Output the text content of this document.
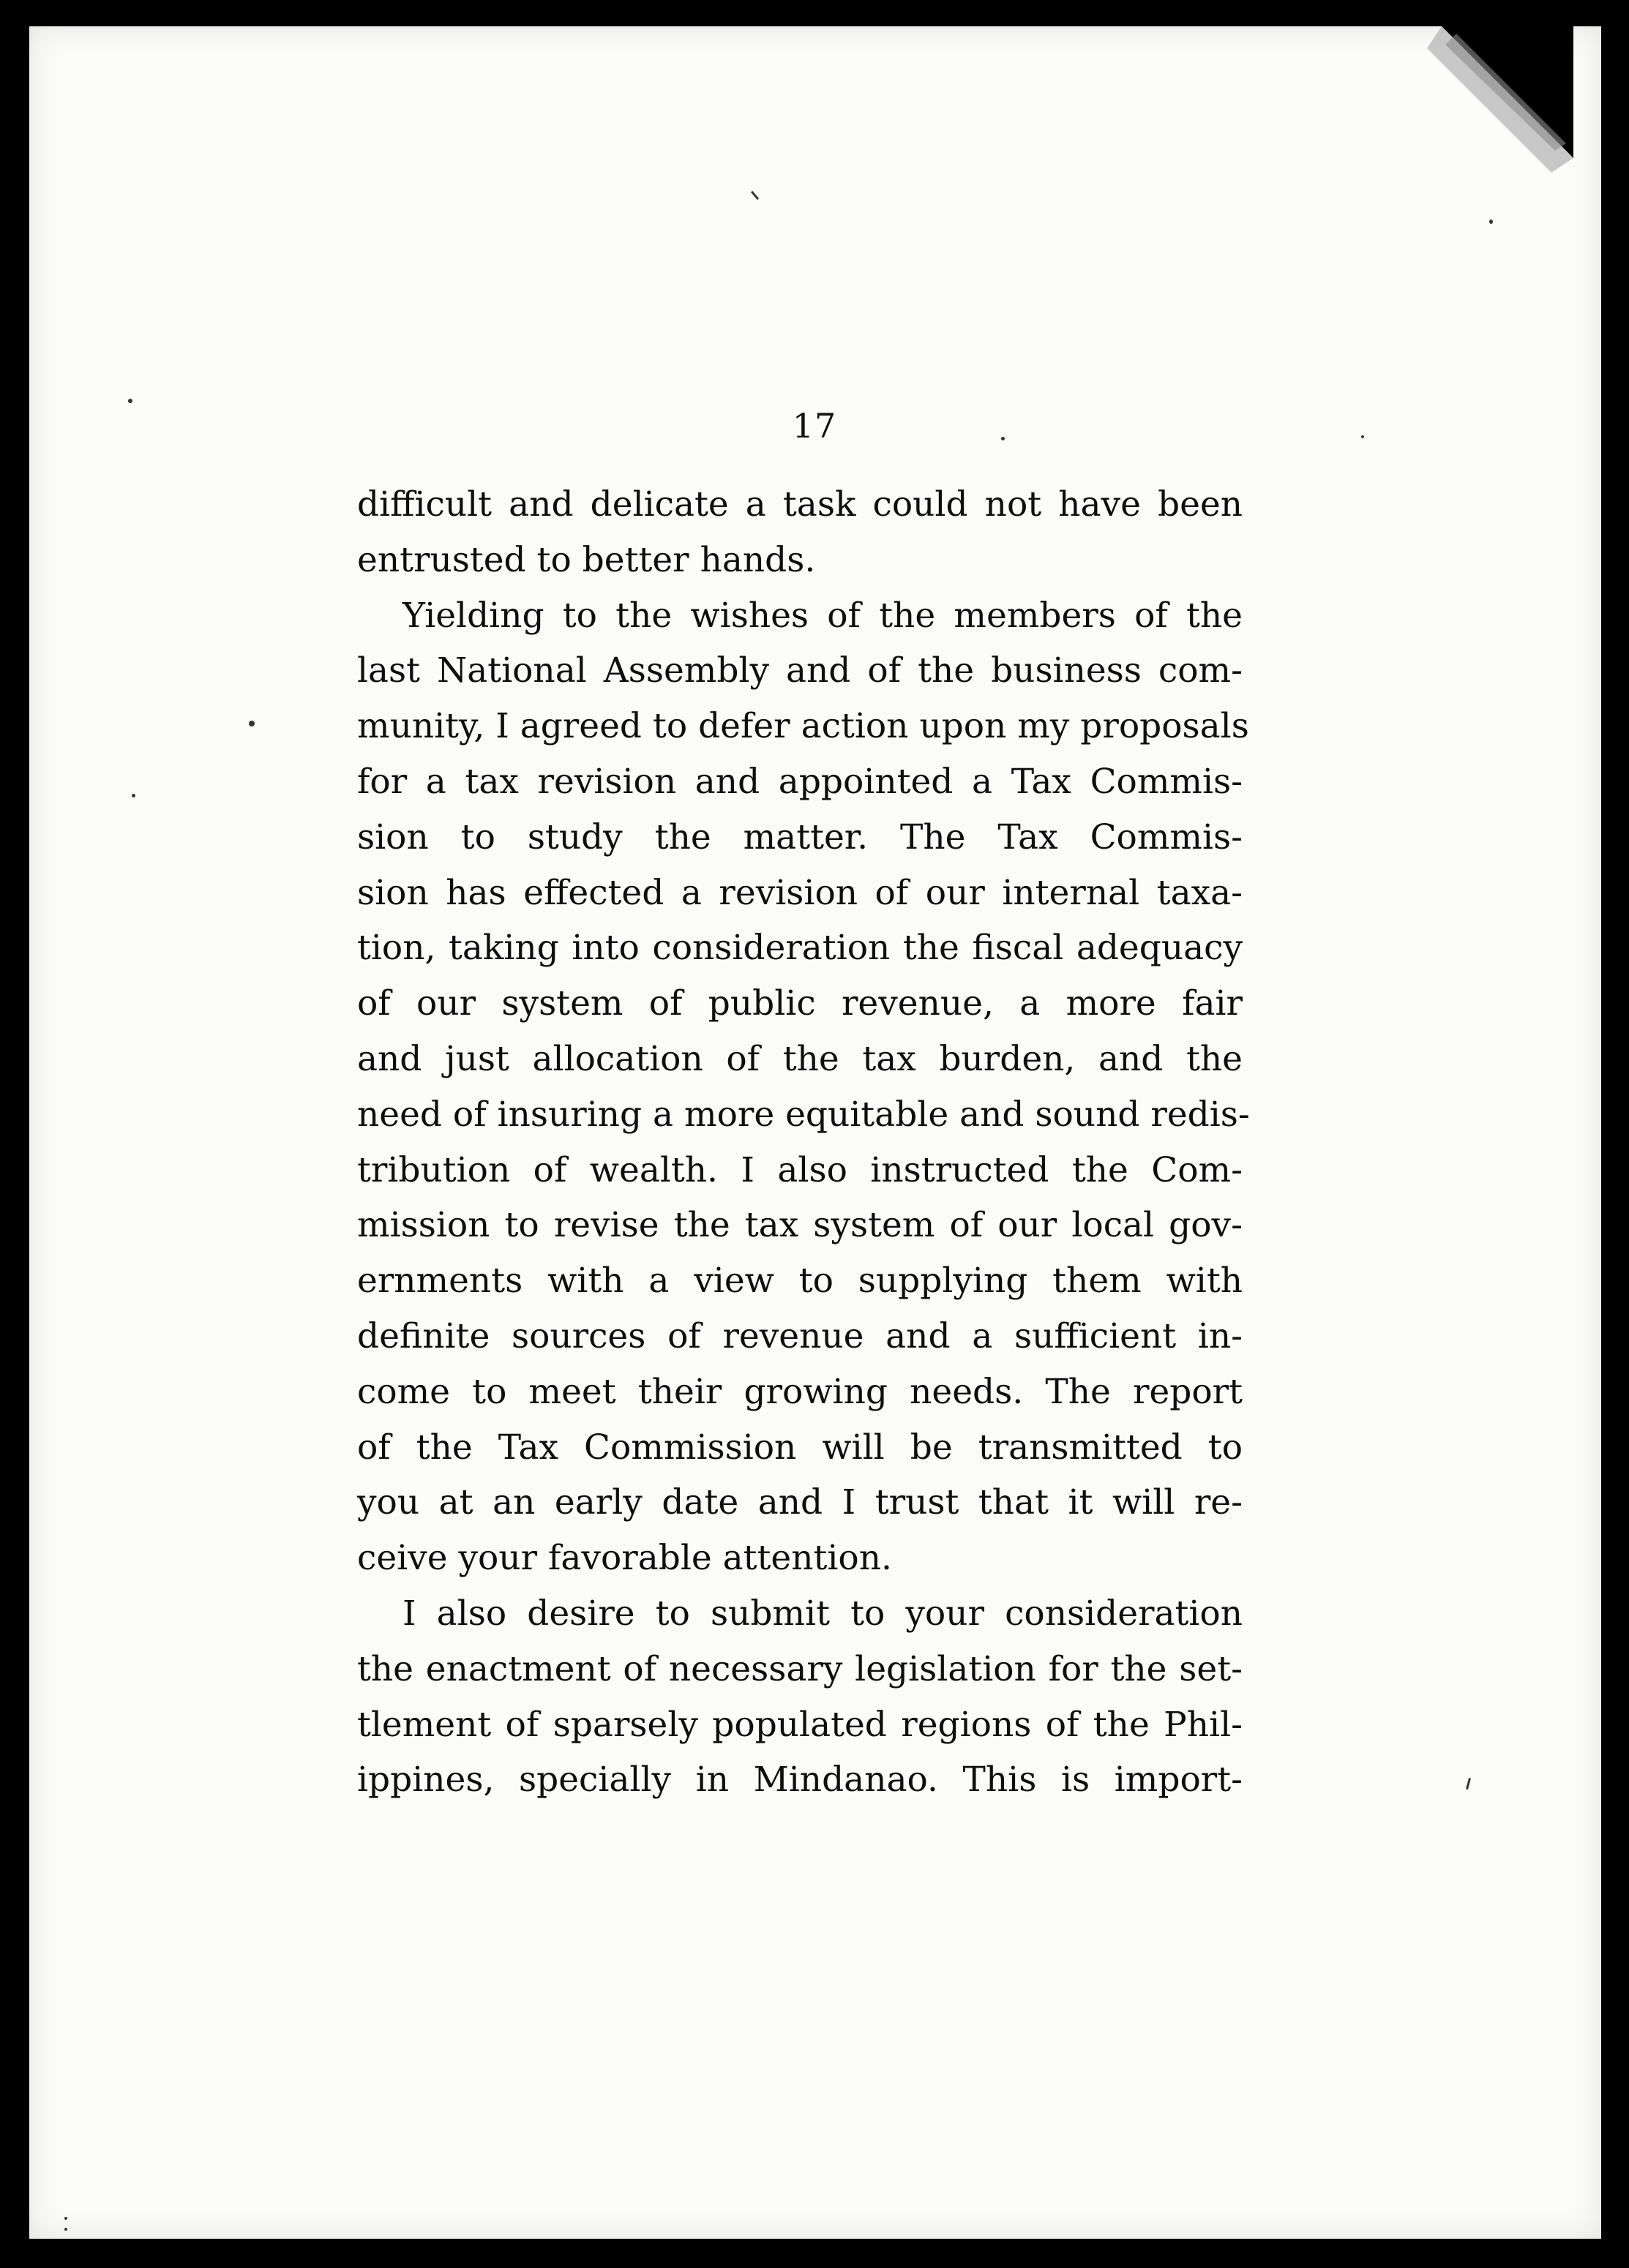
17
difficult and delicate a task could not have been
entrusted to better hands.
Yielding to the wishes of the members of the
last National Assembly and of the business com-
munity, I agreed to defer action upon my proposals
for a tax revision and appointed a Tax Commis-
sion to study the matter. The Tax Commis-
sion has effected a revision of our internal taxa-
tion, taking into consideration the fiscal adequacy
of our system of public revenue, a more fair
and just allocation of the tax burden, and the
need of insuring a more equitable and sound redis-
tribution of wealth. I also instructed the Com-
mission to revise the tax system of our local gov-
ernments with a view to supplying them with
definite sources of revenue and a sufficient in-
come to meet their growing needs. The report
of the Tax Commission will be transmitted to
you at an early date and I trust that it will re-
ceive your favorable attention.
I also desire to submit to your consideration
the enactment of necessary legislation for the set-
tlement of sparsely populated regions of the Phil-
ippines, specially in Mindanao. This is import-
